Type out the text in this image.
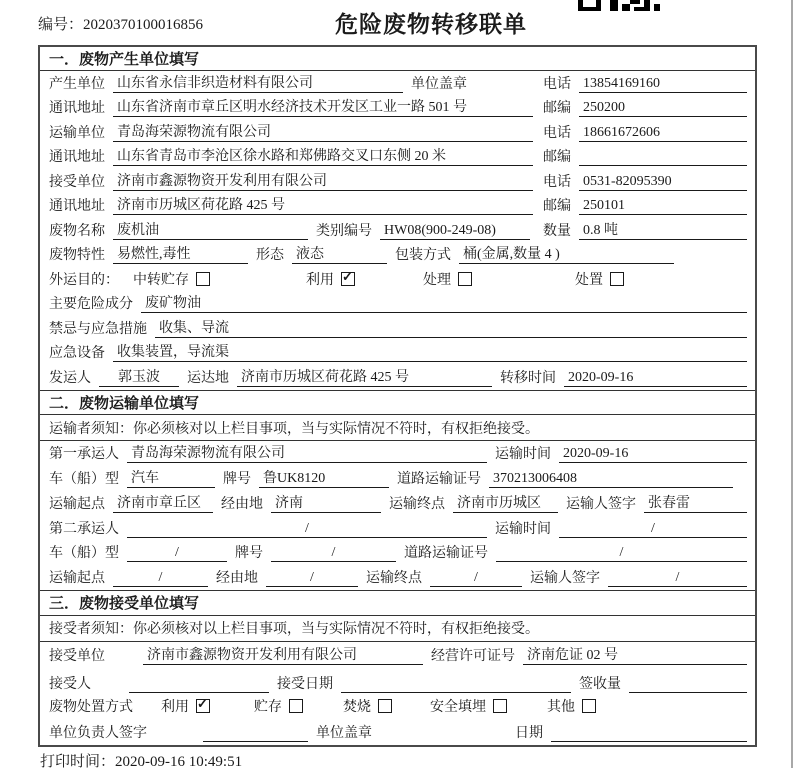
编号：2020370100016856	危险废物转移联单
一．废物产生单位填写
产生单位 山东省永信非织造材料有限公司	单位盖章	电话 13854169160
通讯地址 山东省济南市章丘区明水经济技术开发区工业一路 501 号	邮编 250200
运输单位 青岛海荣源物流有限公司	电话 18661672606
通讯地址 山东省青岛市李沧区徐水路和郑佛路交叉口东侧 20 米	邮编
接受单位 济南市鑫源物资开发利用有限公司	电话 0531-82095390
通讯地址 济南市历城区荷花路 425 号	邮编 250101
废物名称 废机油	类别编号 HW08(900-249-08)	数量 0.8 吨
废物特性 易燃性,毒性	形态 液态	包装方式 桶(金属,数量 4 )
外运目的： 中转贮存	利用 ✓	处理	处置
主要危险成分 废矿物油
禁忌与应急措施 收集、导流
应急设备 收集装置，导流渠
发运人	郭玉波	运达地 济南市历城区荷花路 425 号	转移时间 2020-09-16
二．废物运输单位填写
运输者须知：你必须核对以上栏目事项，当与实际情况不符时，有权拒绝接受。
第一承运人 青岛海荣源物流有限公司	运输时间 2020-09-16
车（船）型 汽车	牌号 鲁UK8120	道路运输证号 370213006408
运输起点 济南市章丘区	经由地 济南	运输终点 济南市历城区	运输人签字 张春雷
第二承运人	/	运输时间	/
车（船）型	/	牌号	/	道路运输证号	/
运输起点	/	经由地	/	运输终点	/	运输人签字	/
三．废物接受单位填写
接受者须知：你必须核对以上栏目事项，当与实际情况不符时，有权拒绝接受。
接受单位	济南市鑫源物资开发利用有限公司	经营许可证号 济南危证 02 号
接受人	接受日期	签收量
废物处置方式 利用 ✓	贮存	焚烧	安全填埋	其他
单位负责人签字	单位盖章	日期
打印时间：2020-09-16 10:49:51
